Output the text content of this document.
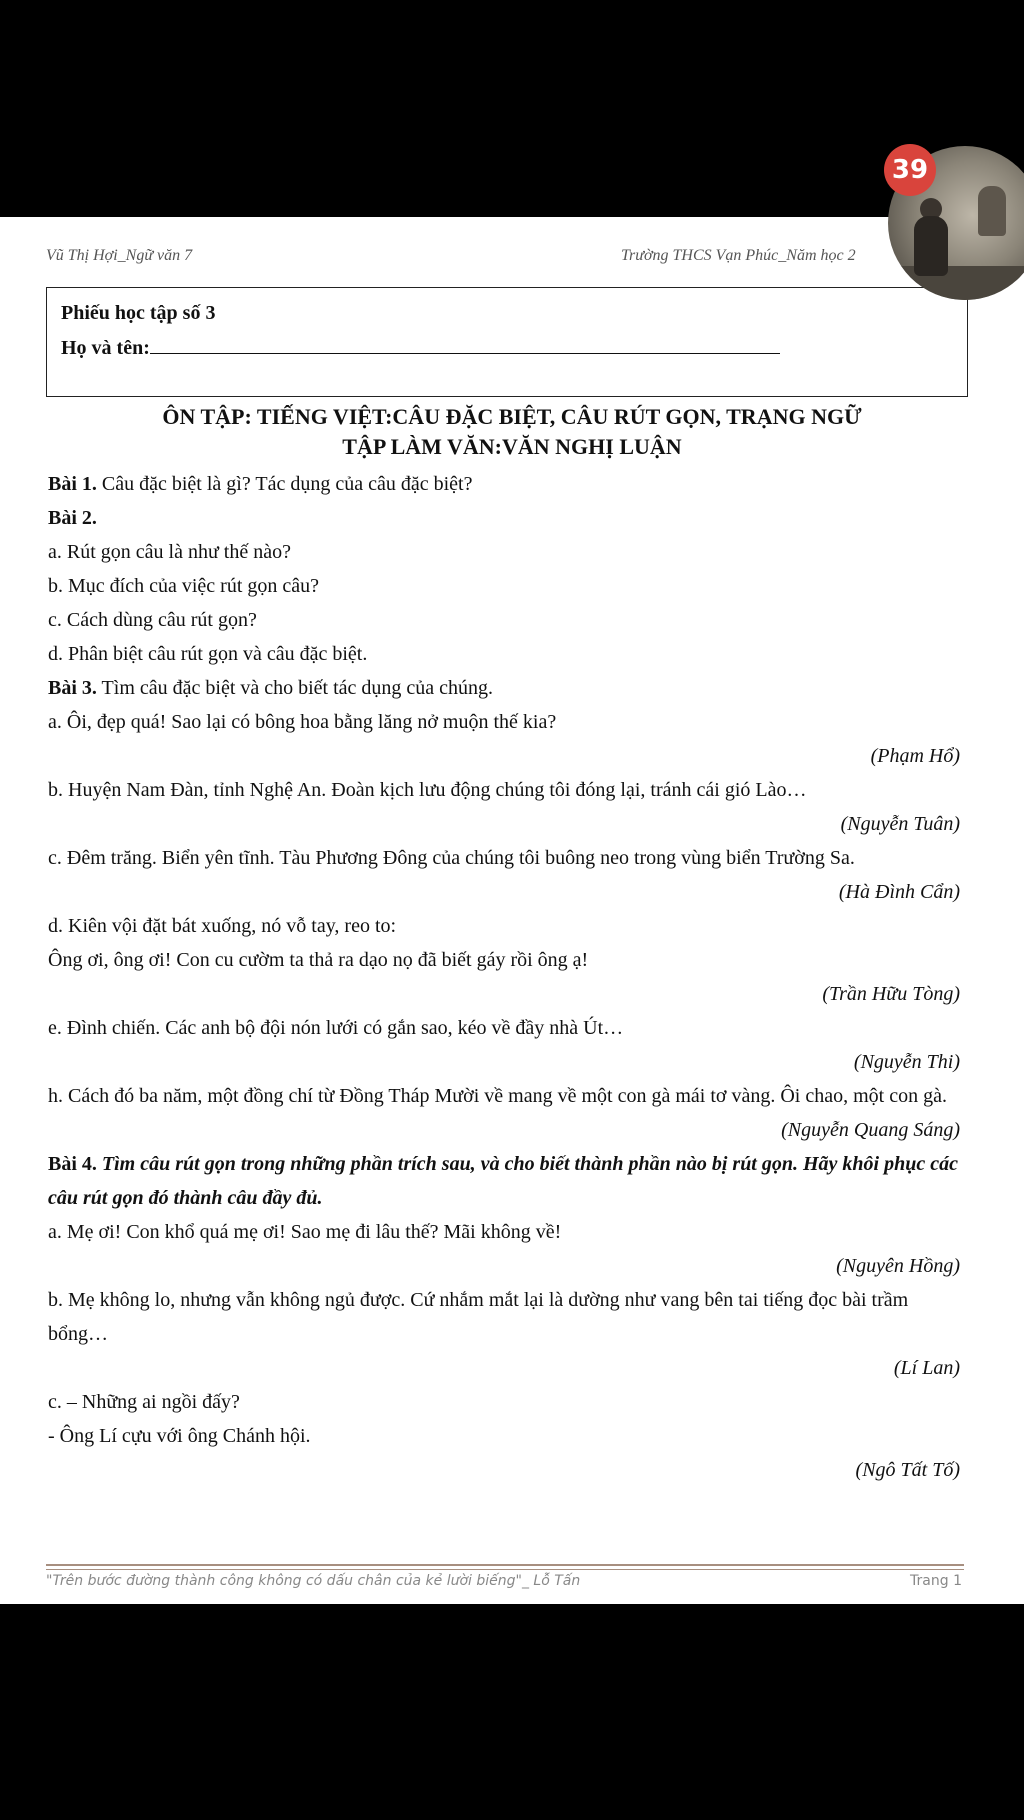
Vũ Thị Hợi_Ngữ văn 7	Trường THCS Vạn Phúc_Năm học 2
Phiếu học tập số 3
Họ và tên:
ÔN TẬP: TIẾNG VIỆT:CÂU ĐẶC BIỆT, CÂU RÚT GỌN, TRẠNG NGỮ
TẬP LÀM VĂN:VĂN NGHỊ LUẬN

Bài 1. Câu đặc biệt là gì? Tác dụng của câu đặc biệt?

Bài 2.

a. Rút gọn câu là như thế nào?

b. Mục đích của việc rút gọn câu?

c. Cách dùng câu rút gọn?

d. Phân biệt câu rút gọn và câu đặc biệt.

Bài 3. Tìm câu đặc biệt và cho biết tác dụng của chúng.

a. Ôi, đẹp quá! Sao lại có bông hoa bằng lăng nở muộn thế kia?

(Phạm Hổ)

b. Huyện Nam Đàn, tỉnh Nghệ An. Đoàn kịch lưu động chúng tôi đóng lại, tránh cái gió Lào…

(Nguyễn Tuân)

c. Đêm trăng. Biển yên tĩnh. Tàu Phương Đông của chúng tôi buông neo trong vùng biển Trường Sa.

(Hà Đình Cẩn)

d. Kiên vội đặt bát xuống, nó vỗ tay, reo to:

Ông ơi, ông ơi! Con cu cườm ta thả ra dạo nọ đã biết gáy rồi ông ạ!

(Trần Hữu Tòng)

e. Đình chiến. Các anh bộ đội nón lưới có gắn sao, kéo về đầy nhà Út…

(Nguyễn Thi)

h. Cách đó ba năm, một đồng chí từ Đồng Tháp Mười về mang về một con gà mái tơ vàng. Ôi chao, một con gà.

(Nguyễn Quang Sáng)

Bài 4. Tìm câu rút gọn trong những phần trích sau, và cho biết thành phần nào bị rút gọn. Hãy khôi phục các câu rút gọn đó thành câu đầy đủ.

a. Mẹ ơi! Con khổ quá mẹ ơi! Sao mẹ đi lâu thế? Mãi không về!

(Nguyên Hồng)

b. Mẹ không lo, nhưng vẫn không ngủ được. Cứ nhắm mắt lại là dường như vang bên tai tiếng đọc bài trầm bổng…

(Lí Lan)

c. – Những ai ngồi đấy?

- Ông Lí cựu với ông Chánh hội.

(Ngô Tất Tố)

"Trên bước đường thành công không có dấu chân của kẻ lười biếng"_ Lỗ Tấn	Trang 1
39
